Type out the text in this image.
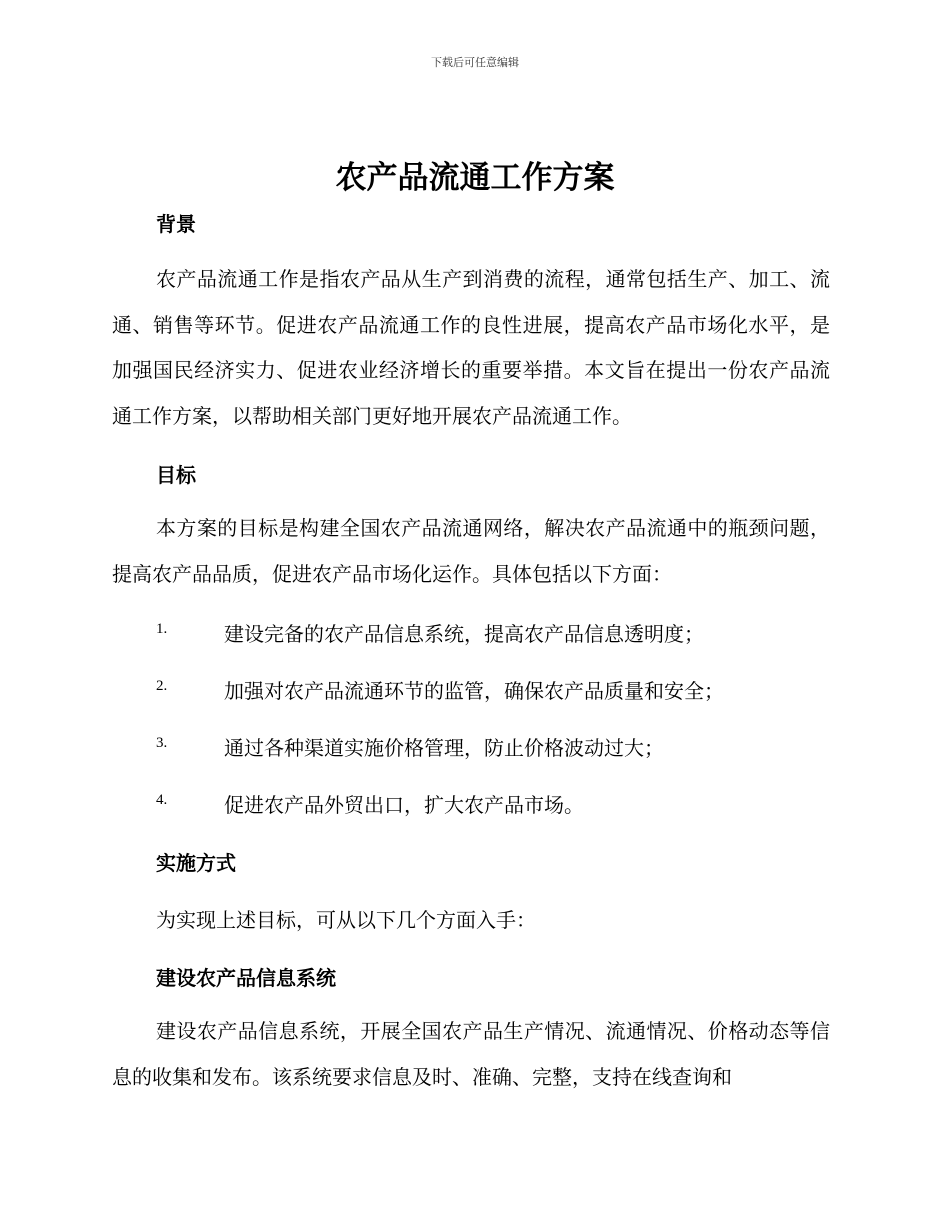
下载后可任意编辑
农产品流通工作方案
背景
农产品流通工作是指农产品从生产到消费的流程，通常包括生产、加工、流通、销售等环节。促进农产品流通工作的良性进展，提高农产品市场化水平，是加强国民经济实力、促进农业经济增长的重要举措。本文旨在提出一份农产品流通工作方案，以帮助相关部门更好地开展农产品流通工作。
目标
本方案的目标是构建全国农产品流通网络，解决农产品流通中的瓶颈问题，提高农产品品质，促进农产品市场化运作。具体包括以下方面：
1.	建设完备的农产品信息系统，提高农产品信息透明度；
2.	加强对农产品流通环节的监管，确保农产品质量和安全；
3.	通过各种渠道实施价格管理，防止价格波动过大；
4.	促进农产品外贸出口，扩大农产品市场。
实施方式
为实现上述目标，可从以下几个方面入手：
建设农产品信息系统
建设农产品信息系统，开展全国农产品生产情况、流通情况、价格动态等信息的收集和发布。该系统要求信息及时、准确、完整，支持在线查询和
